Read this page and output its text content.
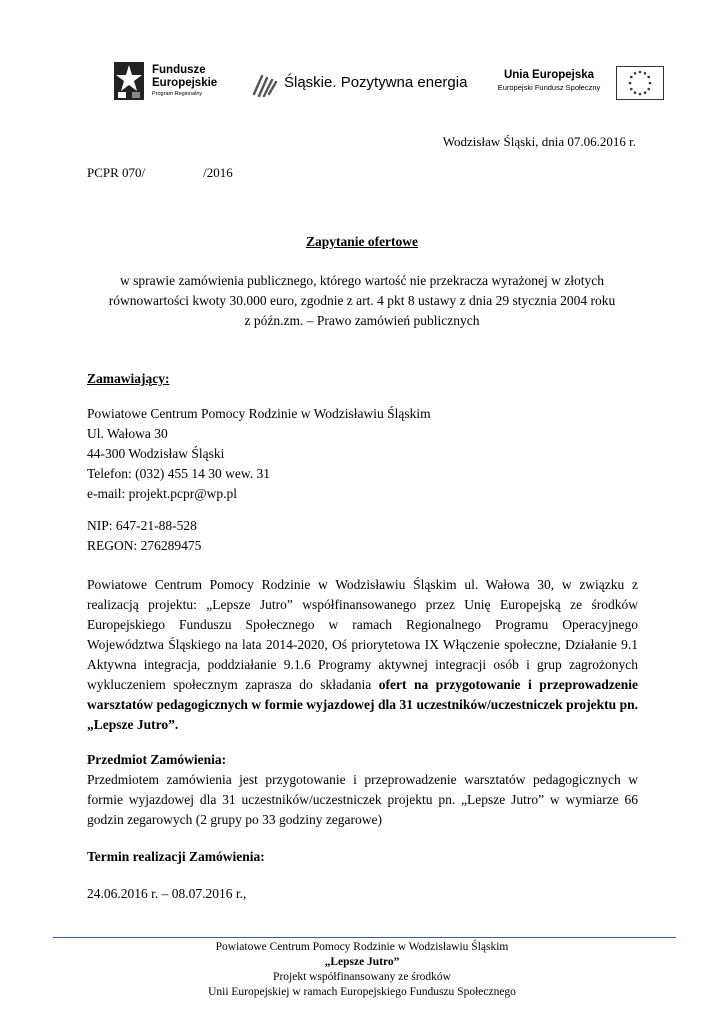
Fundusze
Europejskie
Program Regionalny
Śląskie. Pozytywna energia	Unia Europejska
Europejski Fundusz Społeczny
Wodzisław Śląski, dnia 07.06.2016 r.
PCPR 070/	/2016
Zapytanie ofertowe
w sprawie zamówienia publicznego, którego wartość nie przekracza wyrażonej w złotych
równowartości kwoty 30.000 euro, zgodnie z art. 4 pkt 8 ustawy z dnia 29 stycznia 2004 roku
z późn.zm. – Prawo zamówień publicznych

Zamawiający:

Powiatowe Centrum Pomocy Rodzinie w Wodzisławiu Śląskim

Ul. Wałowa 30

44-300 Wodzisław Śląski

Telefon: (032) 455 14 30 wew. 31

e-mail: projekt.pcpr@wp.pl

NIP: 647-21-88-528

REGON: 276289475

Powiatowe Centrum Pomocy Rodzinie w Wodzisławiu Śląskim ul. Wałowa 30, w związku z realizacją projektu: „Lepsze Jutro” współfinansowanego przez Unię Europejską ze środków Europejskiego Funduszu Społecznego w ramach Regionalnego Programu Operacyjnego Województwa Śląskiego na lata 2014-2020, Oś priorytetowa IX Włączenie społeczne, Działanie 9.1 Aktywna integracja, poddziałanie 9.1.6 Programy aktywnej integracji osób i grup zagrożonych wykluczeniem społecznym zaprasza do składania ofert na przygotowanie i przeprowadzenie warsztatów pedagogicznych w formie wyjazdowej dla 31 uczestników/uczestniczek projektu pn. „Lepsze Jutro”.

Przedmiot Zamówienia:

Przedmiotem zamówienia jest przygotowanie i przeprowadzenie warsztatów pedagogicznych w formie wyjazdowej dla 31 uczestników/uczestniczek projektu pn. „Lepsze Jutro” w wymiarze 66 godzin zegarowych (2 grupy po 33 godziny zegarowe)

Termin realizacji Zamówienia:

24.06.2016 r. – 08.07.2016 r.,

Powiatowe Centrum Pomocy Rodzinie w Wodzisławiu Śląskim
„Lepsze Jutro”
Projekt współfinansowany ze środków
Unii Europejskiej w ramach Europejskiego Funduszu Społecznego
